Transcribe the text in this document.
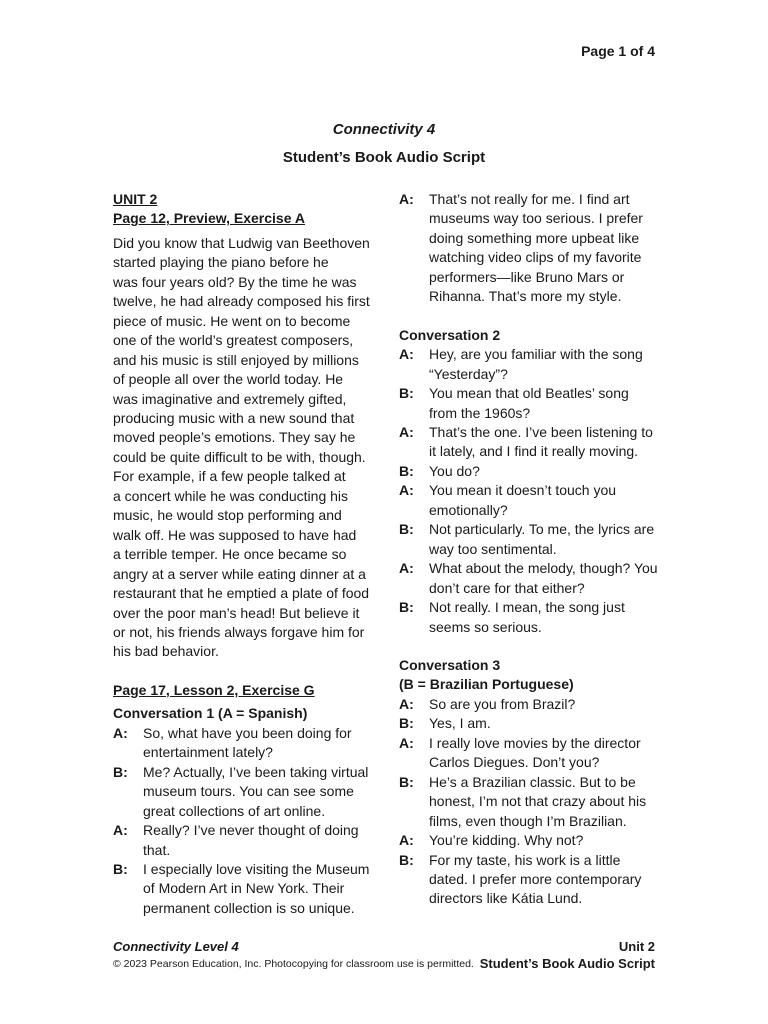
Page 1 of 4
Connectivity 4
Student’s Book Audio Script
UNIT 2
Page 12, Preview, Exercise A
Did you know that Ludwig van Beethoven
started playing the piano before he
was four years old? By the time he was
twelve, he had already composed his first
piece of music. He went on to become
one of the world’s greatest composers,
and his music is still enjoyed by millions
of people all over the world today. He
was imaginative and extremely gifted,
producing music with a new sound that
moved people’s emotions. They say he
could be quite difficult to be with, though.
For example, if a few people talked at
a concert while he was conducting his
music, he would stop performing and
walk off. He was supposed to have had
a terrible temper. He once became so
angry at a server while eating dinner at a
restaurant that he emptied a plate of food
over the poor man’s head! But believe it
or not, his friends always forgave him for
his bad behavior.
Page 17, Lesson 2, Exercise G
Conversation 1 (A = Spanish)
A:	So, what have you been doing for
entertainment lately?
B:	Me? Actually, I’ve been taking virtual
museum tours. You can see some
great collections of art online.
A:	Really? I’ve never thought of doing
that.
B:	I especially love visiting the Museum
of Modern Art in New York. Their
permanent collection is so unique.
A:	That’s not really for me. I find art
museums way too serious. I prefer
doing something more upbeat like
watching video clips of my favorite
performers—like Bruno Mars or
Rihanna. That’s more my style.
Conversation 2
A:	Hey, are you familiar with the song
“Yesterday”?
B:	You mean that old Beatles’ song
from the 1960s?
A:	That’s the one. I’ve been listening to
it lately, and I find it really moving.
B:	You do?
A:	You mean it doesn’t touch you
emotionally?
B:	Not particularly. To me, the lyrics are
way too sentimental.
A:	What about the melody, though? You
don’t care for that either?
B:	Not really. I mean, the song just
seems so serious.
Conversation 3
(B = Brazilian Portuguese)
A:	So are you from Brazil?
B:	Yes, I am.
A:	I really love movies by the director
Carlos Diegues. Don’t you?
B:	He’s a Brazilian classic. But to be
honest, I’m not that crazy about his
films, even though I’m Brazilian.
A:	You’re kidding. Why not?
B:	For my taste, his work is a little
dated. I prefer more contemporary
directors like Kátia Lund.
Connectivity Level 4
© 2023 Pearson Education, Inc. Photocopying for classroom use is permitted.
Unit 2
Student’s Book Audio Script
